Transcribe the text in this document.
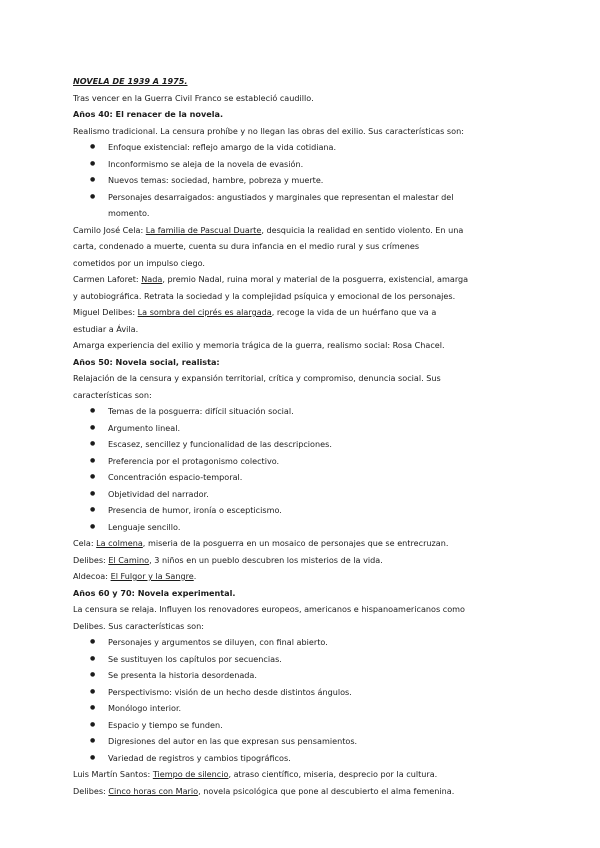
NOVELA DE 1939 A 1975.
Tras vencer en la Guerra Civil Franco se estableció caudillo.
Años 40: El renacer de la novela.
Realismo tradicional. La censura prohíbe y no llegan las obras del exilio. Sus características son:
● Enfoque existencial: reflejo amargo de la vida cotidiana.
● Inconformismo se aleja de la novela de evasión.
● Nuevos temas: sociedad, hambre, pobreza y muerte.
● Personajes desarraigados: angustiados y marginales que representan el malestar del
momento.
Camilo José Cela: La familia de Pascual Duarte, desquicia la realidad en sentido violento. En una
carta, condenado a muerte, cuenta su dura infancia en el medio rural y sus crímenes
cometidos por un impulso ciego.
Carmen Laforet: Nada, premio Nadal, ruina moral y material de la posguerra, existencial, amarga
y autobiográfica. Retrata la sociedad y la complejidad psíquica y emocional de los personajes.
Miguel Delibes: La sombra del ciprés es alargada, recoge la vida de un huérfano que va a
estudiar a Ávila.
Amarga experiencia del exilio y memoria trágica de la guerra, realismo social: Rosa Chacel.
Años 50: Novela social, realista:
Relajación de la censura y expansión territorial, crítica y compromiso, denuncia social. Sus
características son:
● Temas de la posguerra: difícil situación social.
● Argumento lineal.
● Escasez, sencillez y funcionalidad de las descripciones.
● Preferencia por el protagonismo colectivo.
● Concentración espacio-temporal.
● Objetividad del narrador.
● Presencia de humor, ironía o escepticismo.
● Lenguaje sencillo.
Cela: La colmena, miseria de la posguerra en un mosaico de personajes que se entrecruzan.
Delibes: El Camino, 3 niños en un pueblo descubren los misterios de la vida.
Aldecoa: El Fulgor y la Sangre.
Años 60 y 70: Novela experimental.
La censura se relaja. Influyen los renovadores europeos, americanos e hispanoamericanos como
Delibes. Sus características son:
● Personajes y argumentos se diluyen, con final abierto.
● Se sustituyen los capítulos por secuencias.
● Se presenta la historia desordenada.
● Perspectivismo: visión de un hecho desde distintos ángulos.
● Monólogo interior.
● Espacio y tiempo se funden.
● Digresiones del autor en las que expresan sus pensamientos.
● Variedad de registros y cambios tipográficos.
Luis Martín Santos: Tiempo de silencio, atraso científico, miseria, desprecio por la cultura.
Delibes: Cinco horas con Mario, novela psicológica que pone al descubierto el alma femenina.
